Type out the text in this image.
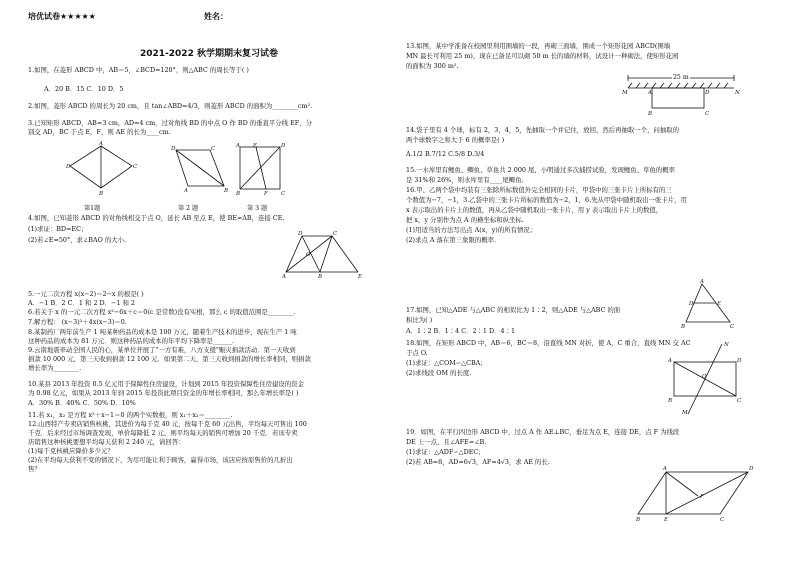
培优试卷★★★★★	姓名：
2021-2022 秋学期期末复习试卷
1.如图，在菱形 ABCD 中，AB＝5，∠BCD=120°，则△ABC 的周长等于( )
A．20 B．15 C．10 D．5
2.如图，菱形 ABCD 的周长为 20 cm，且 tan∠ABD=4/3，则菱形 ABCD 的面积为________cm².
3.已知矩形 ABCD，AB=3 cm，AD=4 cm，过对角线 BD 的中点 O 作 BD 的垂直平分线 EF，分
别交 AD，BC 于点 E，F，则 AE 的长为____cm.
A
C
B
D
D	C
A	B
A E	D
B	F C
第1题	第 2 题	第 3 题
4.如图，已知菱形 ABCD 的对角线相交于点 O，延长 AB 至点 E，使 BE=AB，连接 CE.
(1)求证：BD=EC；
(2)若∠E=50°，求∠BAO 的大小.
D	C
O
A	B	E
5.一元二次方程 x(x−2)＝2−x 的根是( )
A．−1 B．2 C．1 和 2 D．−1 和 2
6.若关于 x 的一元二次方程 x²−6x＋c＝0(c 是常数)没有实根，那么 c 的取值范围是________.
7.解方程： (x−3)²＋4x(x−3)＝0.
8.某制药厂两年前生产 1 吨某种药品的成本是 100 万元，随着生产技术的进步，现在生产 1 吨
这种药品的成本为 81 万元．则这种药品的成本的年平均下降率是______.
9.云南地震牵动全国人民的心，某单位开展了"一方有难，八方支援"赈灾捐款活动．第一天收到
捐款 10 000 元，第三天收到捐款 12 100 元．如果第二天、第三天收到捐款的增长率相同，则捐款
增长率为________.
10.某县 2013 年投资 0.5 亿元用于保障性住房建设，计划到 2015 年投资保障性住房建设的资金
为 0.98 亿元，如果从 2013 年到 2015 年投资此项目资金的年增长率相同，那么年增长率是( )
A．30% B．40% C．50% D．10%
11.若 x₁，x₂ 是方程 x²＋x−1＝0 的两个实数根，则 x₁＋x₂＝________.
12.山西特产专卖店销售核桃，其进价为每千克 40 元，按每千克 60 元出售，平均每天可售出 100
千克．后来经过市场调查发现，单价每降低 2 元，则平均每天的销售可增加 20 千克．若该专卖
店销售这种核桃要想平均每天获利 2 240 元，请回答：
(1)每千克核桃应降价多少元？
(2)在平均每天获利不变的情况下，为尽可能让利于顾客，赢得市场，该店应按原售价的几折出
售？
13.如图，某中学准备在校园里利用围墙的一段，再砌三面墙，围成一个矩形花园 ABCD(围墙
MN 最长可利用 25 m)，现在已备足可以砌 50 m 长的墙的材料，试设计一种砌法，使矩形花园
的面积为 300 m².
M	N
A	D
B	C
25 m
14.袋子里有 4 个球，标有 2，3，4，5，先抽取一个并记住，放回，然后再抽取一个，问抽取的
两个球数字之和大于 6 的概率是( )
A.1/2 B.7/12 C.5/8 D.3/4
15.一水库里有鲤鱼、鲫鱼、草鱼共 2 000 尾，小明通过多次捕捞试验，发现鲤鱼、草鱼的概率
是 31%和 26%，则水库里有____尾鲫鱼.
16.甲、乙两个袋中均装有三张除所标数值外完全相同的卡片，甲袋中的三张卡片上所标有的三
个数值为−7，−1，3.乙袋中的三张卡片所标的数值为−2，1，6.先从甲袋中随机取出一张卡片，用
x 表示取出的卡片上的数值，再从乙袋中随机取出一张卡片，用 y 表示取出卡片上的数值，
把 x，y 分别作为点 A 的横坐标和纵坐标.
(1)用适当的方法写出点 A(x，y)的所有情况；
(2)求点 A 落在第三象限的概率.
17.如图，已知△ADE 与△ABC 的相似比为 1∶2，则△ADE 与△ABC 的面
积比为( )
A．1∶2 B．1∶4 C．2∶1 D．4∶1
A
D	E
B	C
18.如图，在矩形 ABCD 中，AB＝6，BC＝8，沿直线 MN 对折，使 A，C 重合，直线 MN 交 AC
于点 O.
(1)求证：△COM∽△CBA；
(2)求线段 OM 的长度.
A	D
B	C
N
M
O
19．如图，在平行四边形 ABCD 中，过点 A 作 AE⊥BC，垂足为点 E，连接 DE，点 F 为线段
DE 上一点，且∠AFE=∠B.
(1)求证：△ADF∽△DEC；
(2)若 AB=8，AD=6√3，AF=4√3，求 AE 的长.
A	D
F
B	E	C
